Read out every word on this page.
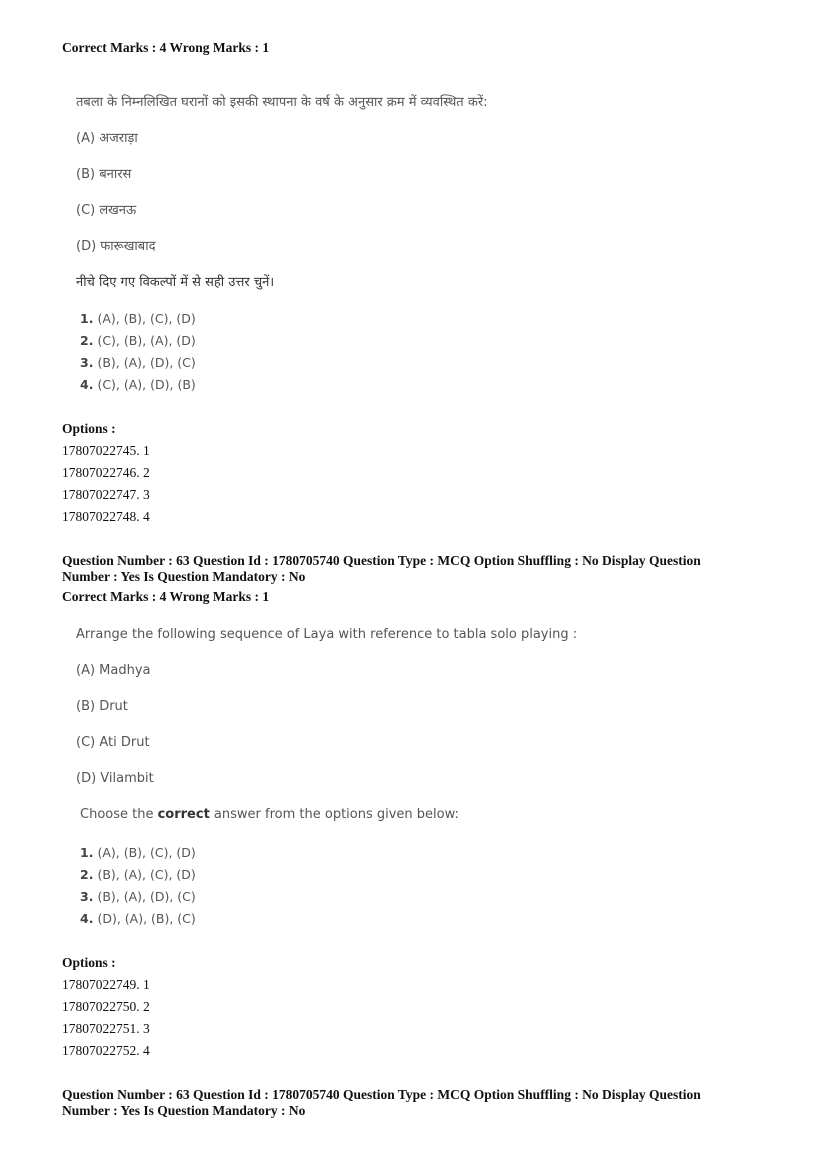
Correct Marks : 4 Wrong Marks : 1
तबला के निम्नलिखित घरानों को इसकी स्थापना के वर्ष के अनुसार क्रम में व्यवस्थित करें:
(A) अजराड़ा
(B) बनारस
(C) लखनऊ
(D) फारूखाबाद
नीचे दिए गए विकल्पों में से सही उत्तर चुनें।
1. (A), (B), (C), (D)
2. (C), (B), (A), (D)
3. (B), (A), (D), (C)
4. (C), (A), (D), (B)
Options :
17807022745. 1
17807022746. 2
17807022747. 3
17807022748. 4
Question Number : 63 Question Id : 1780705740 Question Type : MCQ Option Shuffling : No Display Question
Number : Yes Is Question Mandatory : No
Correct Marks : 4 Wrong Marks : 1
Arrange the following sequence of Laya with reference to tabla solo playing :
(A) Madhya
(B) Drut
(C) Ati Drut
(D) Vilambit
Choose the correct answer from the options given below:
1. (A), (B), (C), (D)
2. (B), (A), (C), (D)
3. (B), (A), (D), (C)
4. (D), (A), (B), (C)
Options :
17807022749. 1
17807022750. 2
17807022751. 3
17807022752. 4
Question Number : 63 Question Id : 1780705740 Question Type : MCQ Option Shuffling : No Display Question
Number : Yes Is Question Mandatory : No
